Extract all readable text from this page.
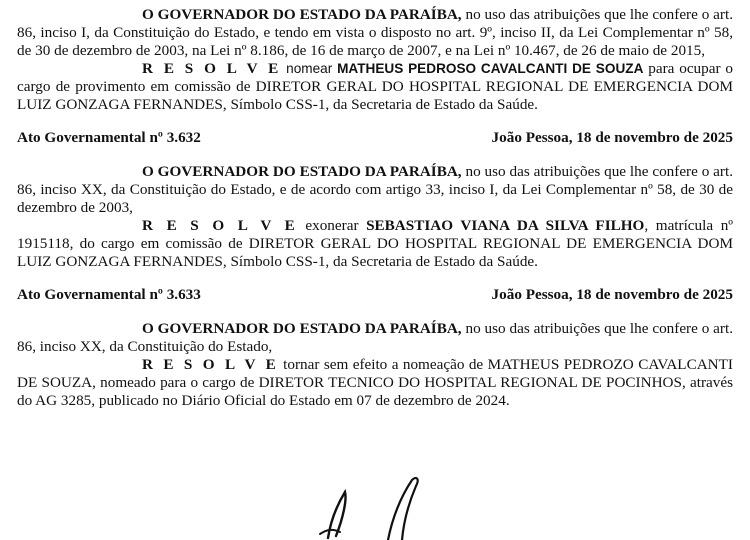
O GOVERNADOR DO ESTADO DA PARAÍBA, no uso das atribuições que lhe confere o art. 86, inciso I, da Constituição do Estado, e tendo em vista o disposto no art. 9º, inciso II, da Lei Complementar nº 58, de 30 de dezembro de 2003, na Lei nº 8.186, de 16 de março de 2007, e na Lei nº 10.467, de 26 de maio de 2015,

R E S O L V E nomear MATHEUS PEDROSO CAVALCANTI DE SOUZA para ocupar o cargo de provimento em comissão de DIRETOR GERAL DO HOSPITAL REGIONAL DE EMERGENCIA DOM LUIZ GONZAGA FERNANDES, Símbolo CSS-1, da Secretaria de Estado da Saúde.

Ato Governamental nº 3.632	João Pessoa, 18 de novembro de 2025

O GOVERNADOR DO ESTADO DA PARAÍBA, no uso das atribuições que lhe confere o art. 86, inciso XX, da Constituição do Estado, e de acordo com artigo 33, inciso I, da Lei Complementar nº 58, de 30 de dezembro de 2003,

R E S O L V E exonerar SEBASTIAO VIANA DA SILVA FILHO, matrícula nº 1915118, do cargo em comissão de DIRETOR GERAL DO HOSPITAL REGIONAL DE EMERGENCIA DOM LUIZ GONZAGA FERNANDES, Símbolo CSS-1, da Secretaria de Estado da Saúde.

Ato Governamental nº 3.633	João Pessoa, 18 de novembro de 2025

O GOVERNADOR DO ESTADO DA PARAÍBA, no uso das atribuições que lhe confere o art. 86, inciso XX, da Constituição do Estado,

R E S O L V E tornar sem efeito a nomeação de MATHEUS PEDROZO CAVALCANTI DE SOUZA, nomeado para o cargo de DIRETOR TECNICO DO HOSPITAL REGIONAL DE POCINHOS, através do AG 3285, publicado no Diário Oficial do Estado em 07 de dezembro de 2024.
